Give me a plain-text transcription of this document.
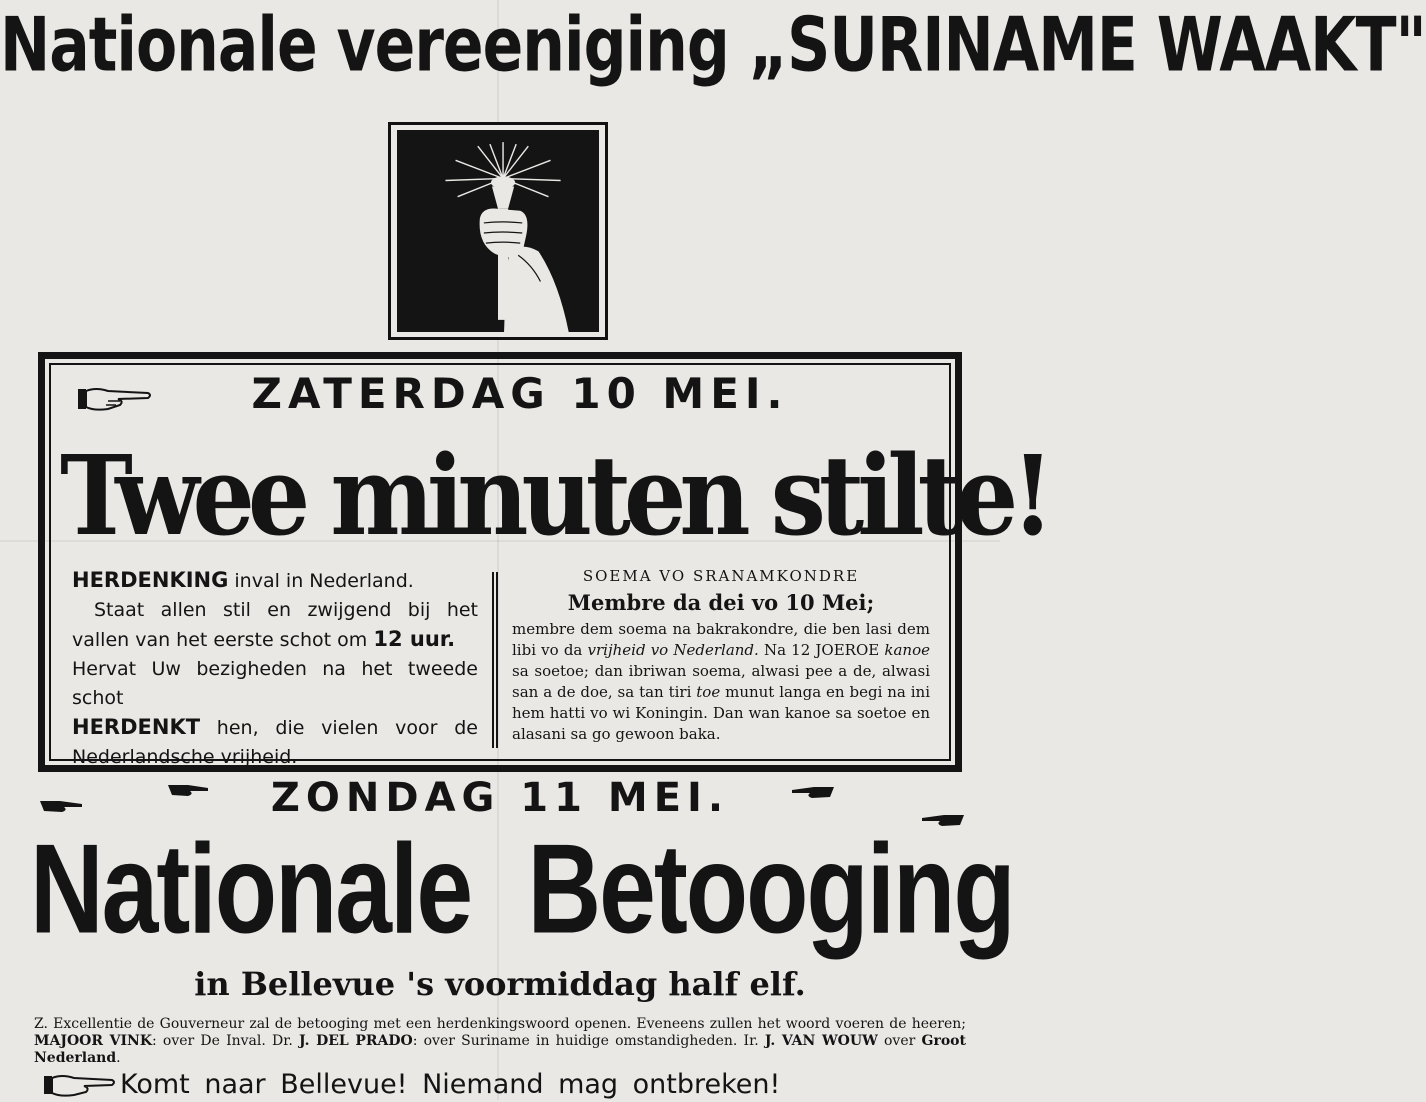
Nationale vereeniging „SURINAME WAAKT"
ZATERDAG 10 MEI.
Twee minuten stilte!

HERDENKING inval in Nederland.

Staat allen stil en zwijgend bij het vallen van het eerste schot om 12 uur.

Hervat Uw bezigheden na het tweede schot

HERDENKT hen, die vielen voor de Nederlandsche vrijheid.

SOEMA VO SRANAMKONDRE

Membre da dei vo 10 Mei;

membre dem soema na bakrakondre, die ben lasi dem libi vo da vrijheid vo Nederland. Na 12 JOEROE kanoe sa soetoe; dan ibriwan soema, alwasi pee a de, alwasi san a de doe, sa tan tiri toe munut langa en begi na ini hem hatti vo wi Koningin. Dan wan kanoe sa soetoe en alasani sa go gewoon baka.

ZONDAG 11 MEI.
Nationale Betooging
in Bellevue 's voormiddag half elf.

Z. Excellentie de Gouverneur zal de betooging met een herdenkingswoord openen. Eveneens zullen het woord voeren de heeren; MAJOOR VINK: over De Inval. Dr. J. DEL PRADO: over Suriname in huidige omstandigheden. Ir. J. VAN WOUW over Groot Nederland.

Komt naar Bellevue! Niemand mag ontbreken!
